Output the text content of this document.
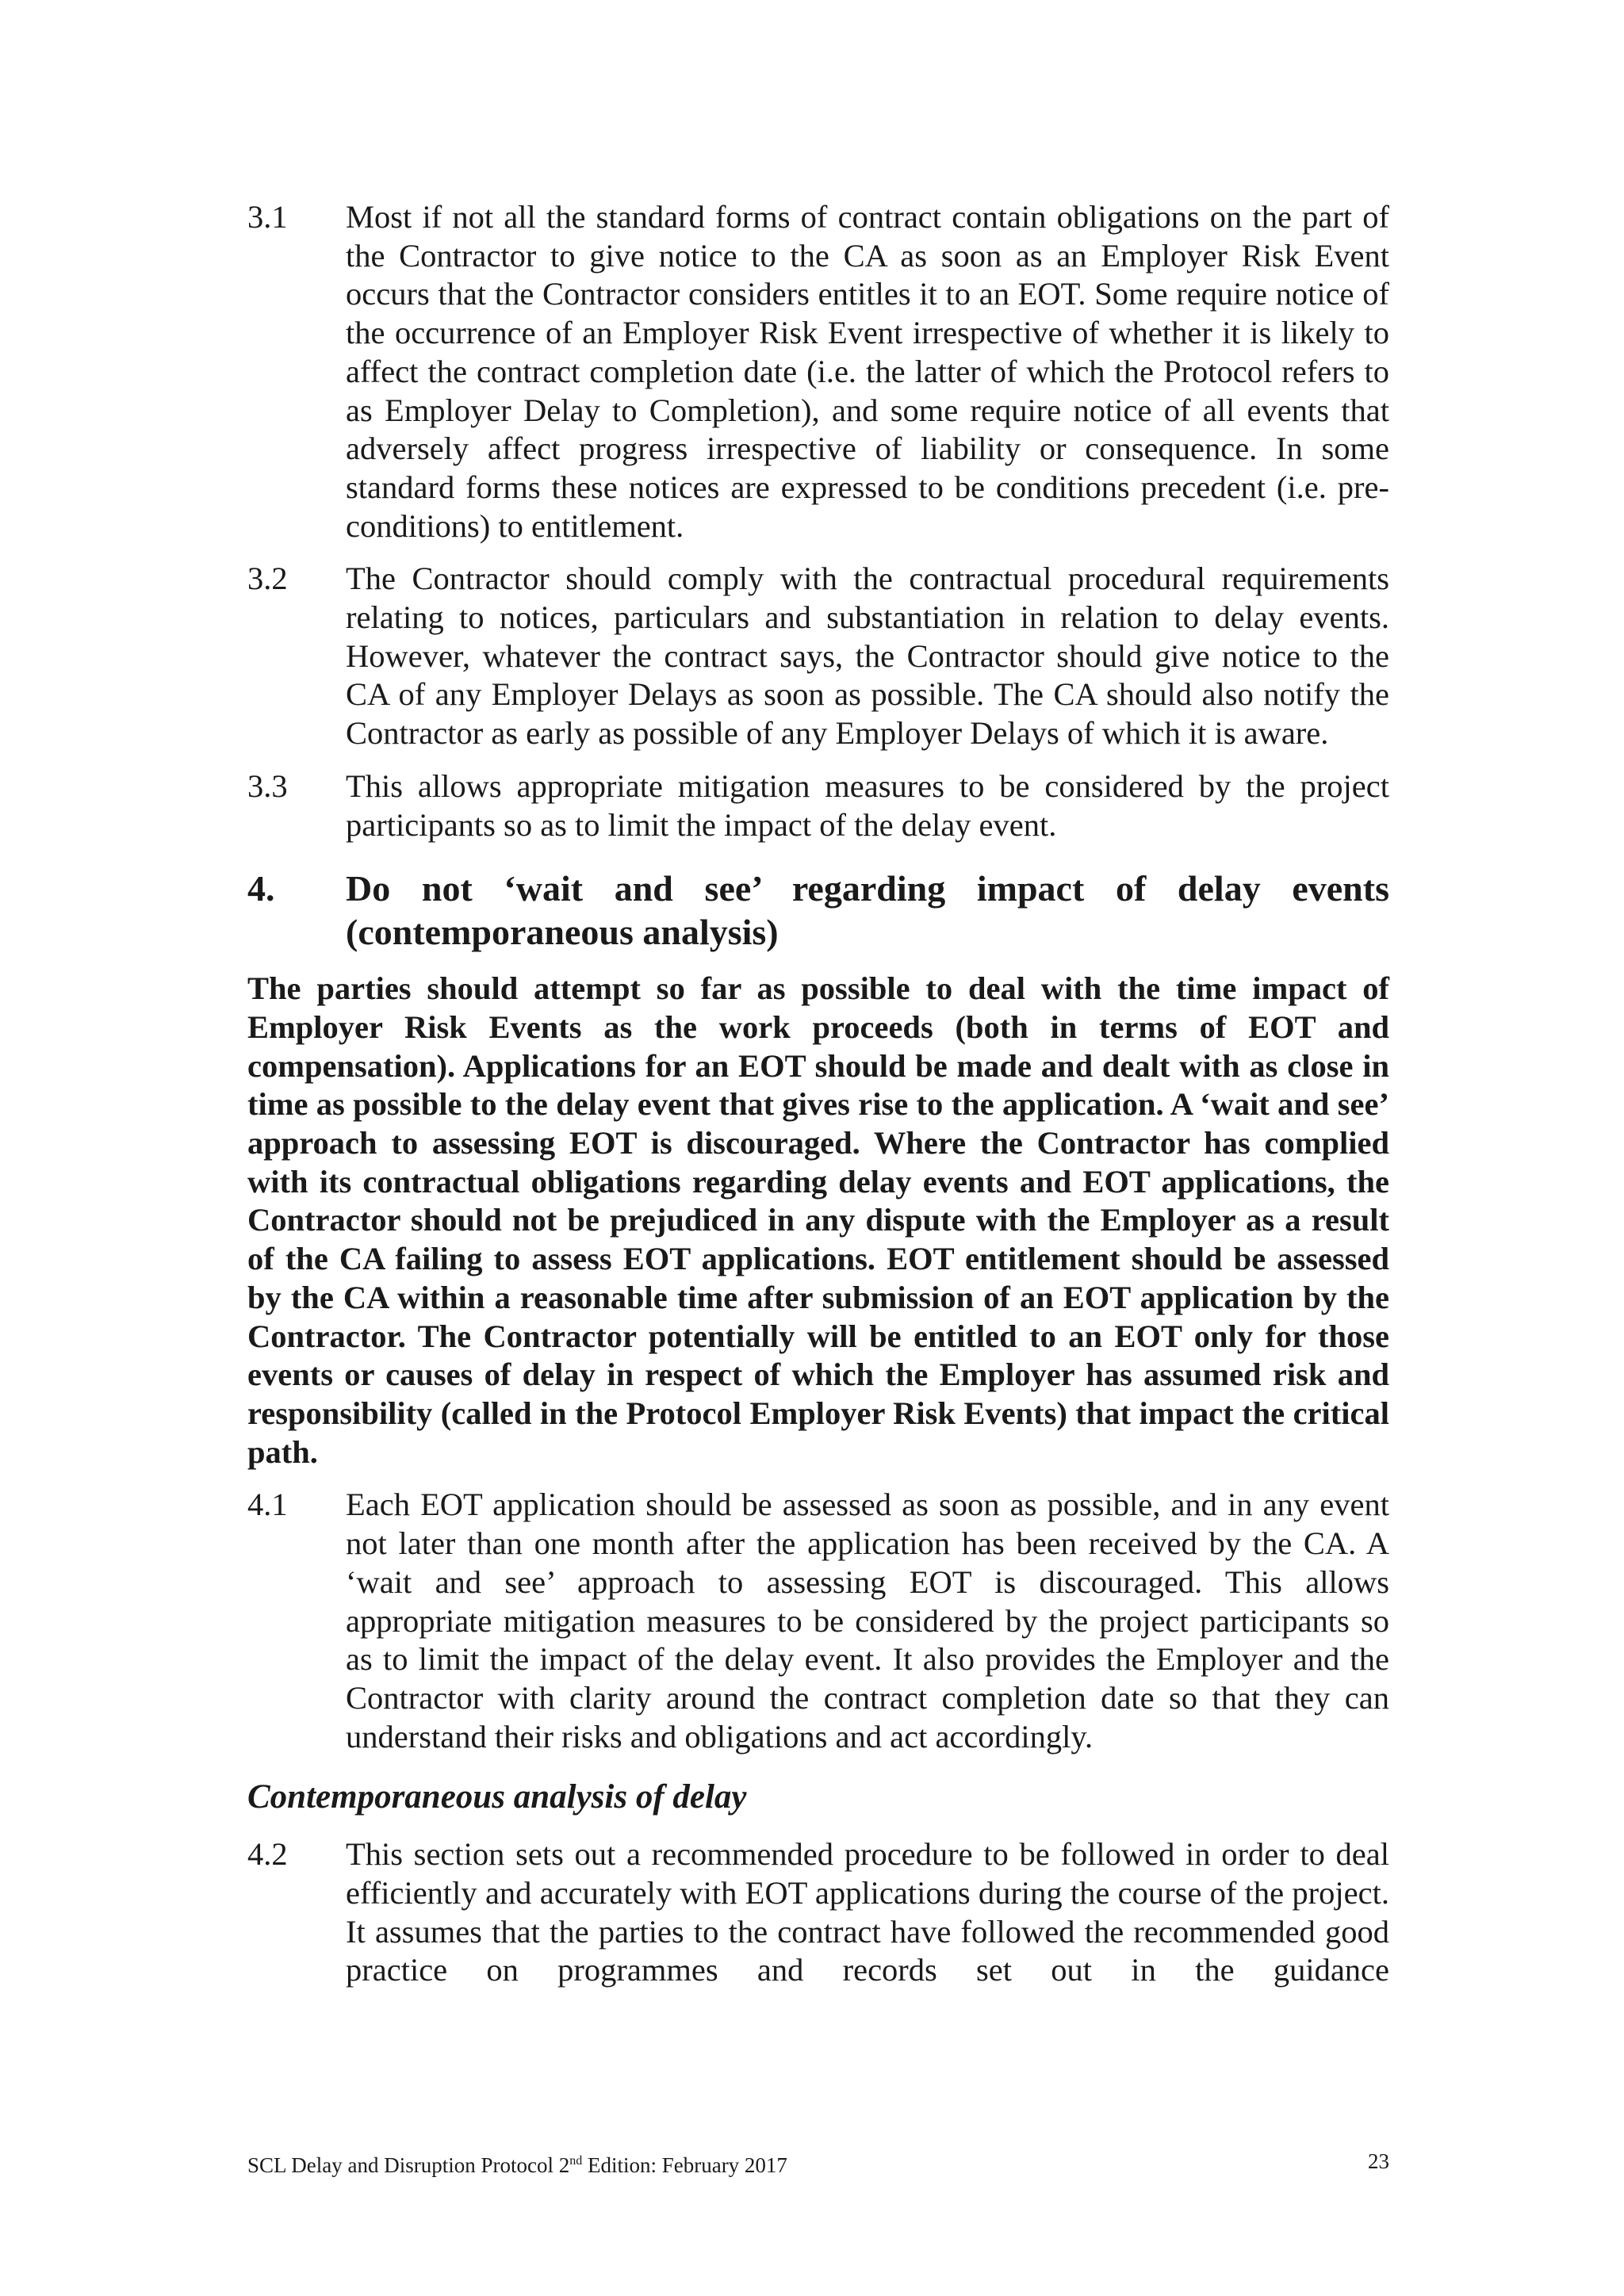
3.1	Most if not all the standard forms of contract contain obligations on the part of the Contractor to give notice to the CA as soon as an Employer Risk Event occurs that the Contractor considers entitles it to an EOT. Some require notice of the occurrence of an Employer Risk Event irrespective of whether it is likely to affect the contract completion date (i.e. the latter of which the Protocol refers to as Employer Delay to Completion), and some require notice of all events that adversely affect progress irrespective of liability or consequence. In some standard forms these notices are expressed to be conditions precedent (i.e. pre-conditions) to entitlement.
3.2	The Contractor should comply with the contractual procedural requirements relating to notices, particulars and substantiation in relation to delay events. However, whatever the contract says, the Contractor should give notice to the CA of any Employer Delays as soon as possible. The CA should also notify the Contractor as early as possible of any Employer Delays of which it is aware.
3.3	This allows appropriate mitigation measures to be considered by the project participants so as to limit the impact of the delay event.
4.	Do not ‘wait and see’ regarding impact of delay events (contemporaneous analysis)

The parties should attempt so far as possible to deal with the time impact of Employer Risk Events as the work proceeds (both in terms of EOT and compensation). Applications for an EOT should be made and dealt with as close in time as possible to the delay event that gives rise to the application. A ‘wait and see’ approach to assessing EOT is discouraged. Where the Contractor has complied with its contractual obligations regarding delay events and EOT applications, the Contractor should not be prejudiced in any dispute with the Employer as a result of the CA failing to assess EOT applications. EOT entitlement should be assessed by the CA within a reasonable time after submission of an EOT application by the Contractor. The Contractor potentially will be entitled to an EOT only for those events or causes of delay in respect of which the Employer has assumed risk and responsibility (called in the Protocol Employer Risk Events) that impact the critical path.

4.1	Each EOT application should be assessed as soon as possible, and in any event not later than one month after the application has been received by the CA. A ‘wait and see’ approach to assessing EOT is discouraged. This allows appropriate mitigation measures to be considered by the project participants so as to limit the impact of the delay event. It also provides the Employer and the Contractor with clarity around the contract completion date so that they can understand their risks and obligations and act accordingly.

Contemporaneous analysis of delay

4.2	This section sets out a recommended procedure to be followed in order to deal efficiently and accurately with EOT applications during the course of the project. It assumes that the parties to the contract have followed the recommended good practice on programmes and records set out in the guidance
SCL Delay and Disruption Protocol 2nd Edition: February 2017	23
